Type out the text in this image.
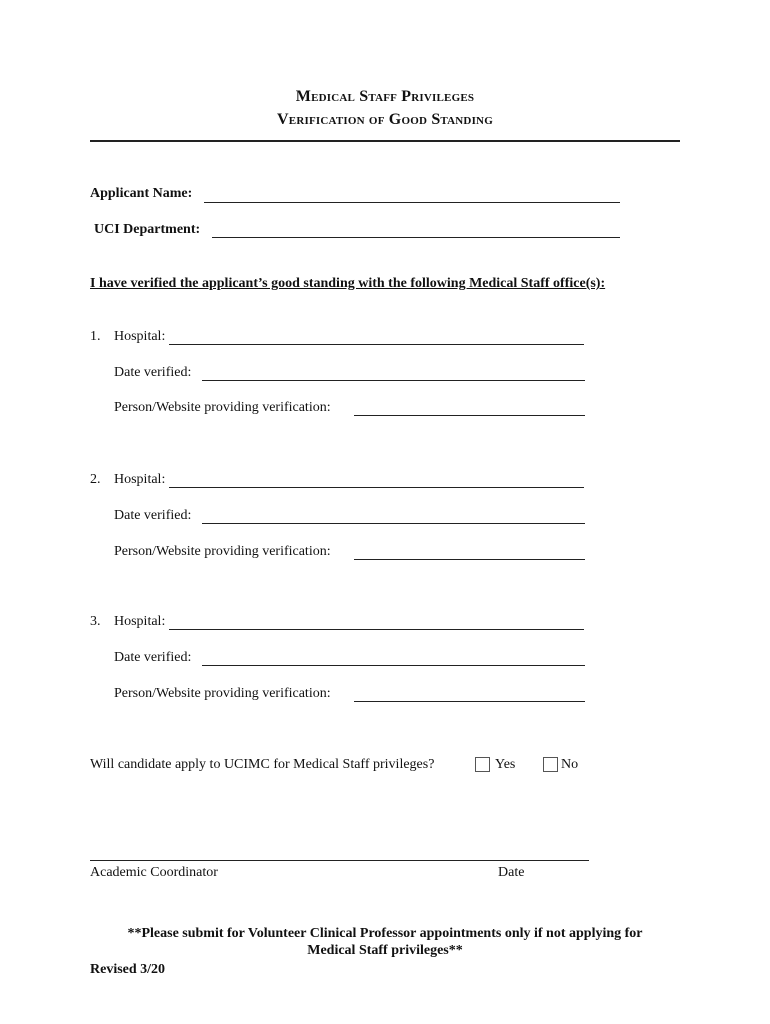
Medical Staff Privileges
Verification of Good Standing
Applicant Name:
UCI Department:
I have verified the applicant’s good standing with the following Medical Staff office(s):
1. Hospital:
Date verified:
Person/Website providing verification:
2. Hospital:
Date verified:
Person/Website providing verification:
3. Hospital:
Date verified:
Person/Website providing verification:
Will candidate apply to UCIMC for Medical Staff privileges?	Yes	No
Academic Coordinator	Date
**Please submit for Volunteer Clinical Professor appointments only if not applying for
Medical Staff privileges**
Revised 3/20
